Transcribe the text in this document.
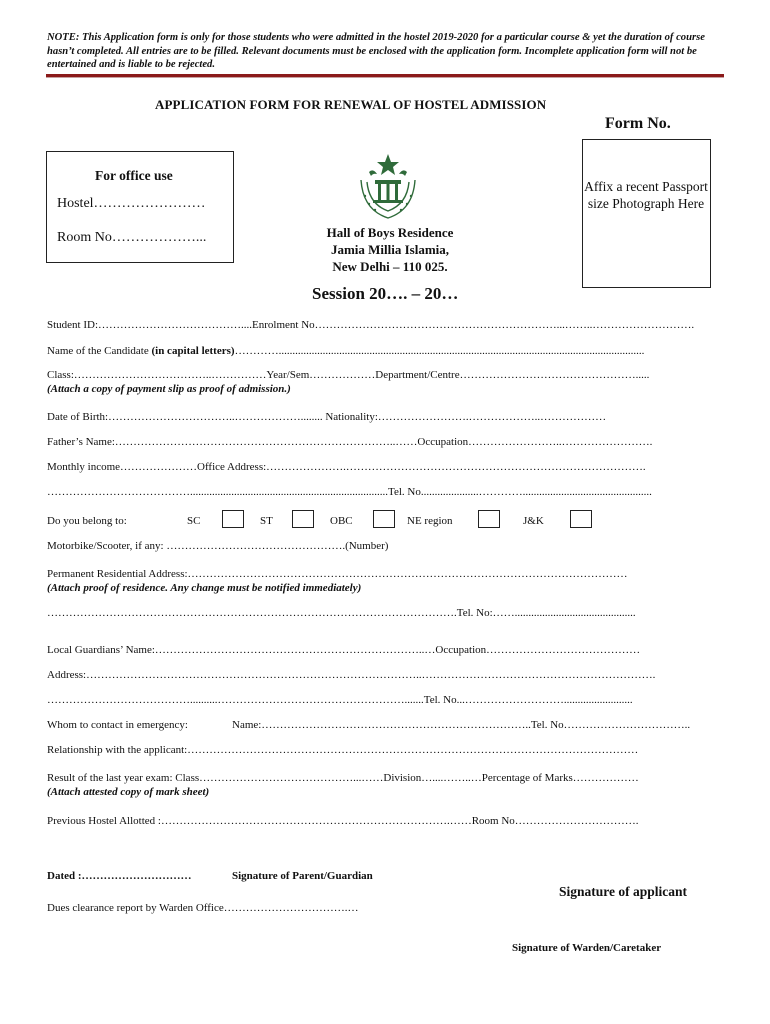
NOTE: This Application form is only for those students who were admitted in the hostel 2019-2020 for a particular course & yet the duration of course hasn’t completed. All entries are to be filled. Relevant documents must be enclosed with the application form. Incomplete application form will not be entertained and is liable to be rejected.
APPLICATION FORM FOR RENEWAL OF HOSTEL ADMISSION
Form No.
For office use
Hostel……………………
Room No………………...	Hall of Boys Residence
Jamia Millia Islamia,
New Delhi – 110 025.
Affix a recent Passport size Photograph Here
Session 20…. – 20…
Student ID:…………………………………....Enrolment No…………………………………………………………...……..……………………….
Name of the Candidate (in capital letters)………….....................................................................................................................................
Class:………………………………..……………Year/Sem………………Department/Centre………………………………………….....
(Attach a copy of payment slip as proof of admission.)
Date of Birth:……………………………..………………........ Nationality:…………………….………………..………………
Father’s Name:…………………………………………………………………..……Occupation……………………..…………………….
Monthly income…………………Office Address:………………….……………………………………………………………………….
…………………………………........................................................................Tel. No.....................…………...............................................
Do you belong to:	SC	ST	OBC	NE region	J&K
Motorbike/Scooter, if any: ………………………………………….(Number)
Permanent Residential Address:…………………………………………………………………………………………………………
(Attach proof of residence. Any change must be notified immediately)
………………………………………………………………………………………………….Tel. No:……............................................
Local Guardians’ Name:………………………………………………………………..…Occupation……………………………………
Address:………………………………………………………………………………..……………………………………………………….
…………………………………..........…………………………………………….......Tel. No...……………………….........................
Whom to contact in emergency:	Name:………………………………………………………………..Tel. No……………………………..
Relationship with the applicant:……………………………………………………………………………………………………………
Result of the last year exam: Class……………………………………...……Division…....……..…Percentage of Marks………………
(Attach attested copy of mark sheet)
Previous Hostel Allotted :…………………………………………………………………….……Room No…………………………….
Dated :…………………………	Signature of Parent/Guardian
Signature of applicant
Dues clearance report by Warden Office…………………………….…
Signature of Warden/Caretaker
